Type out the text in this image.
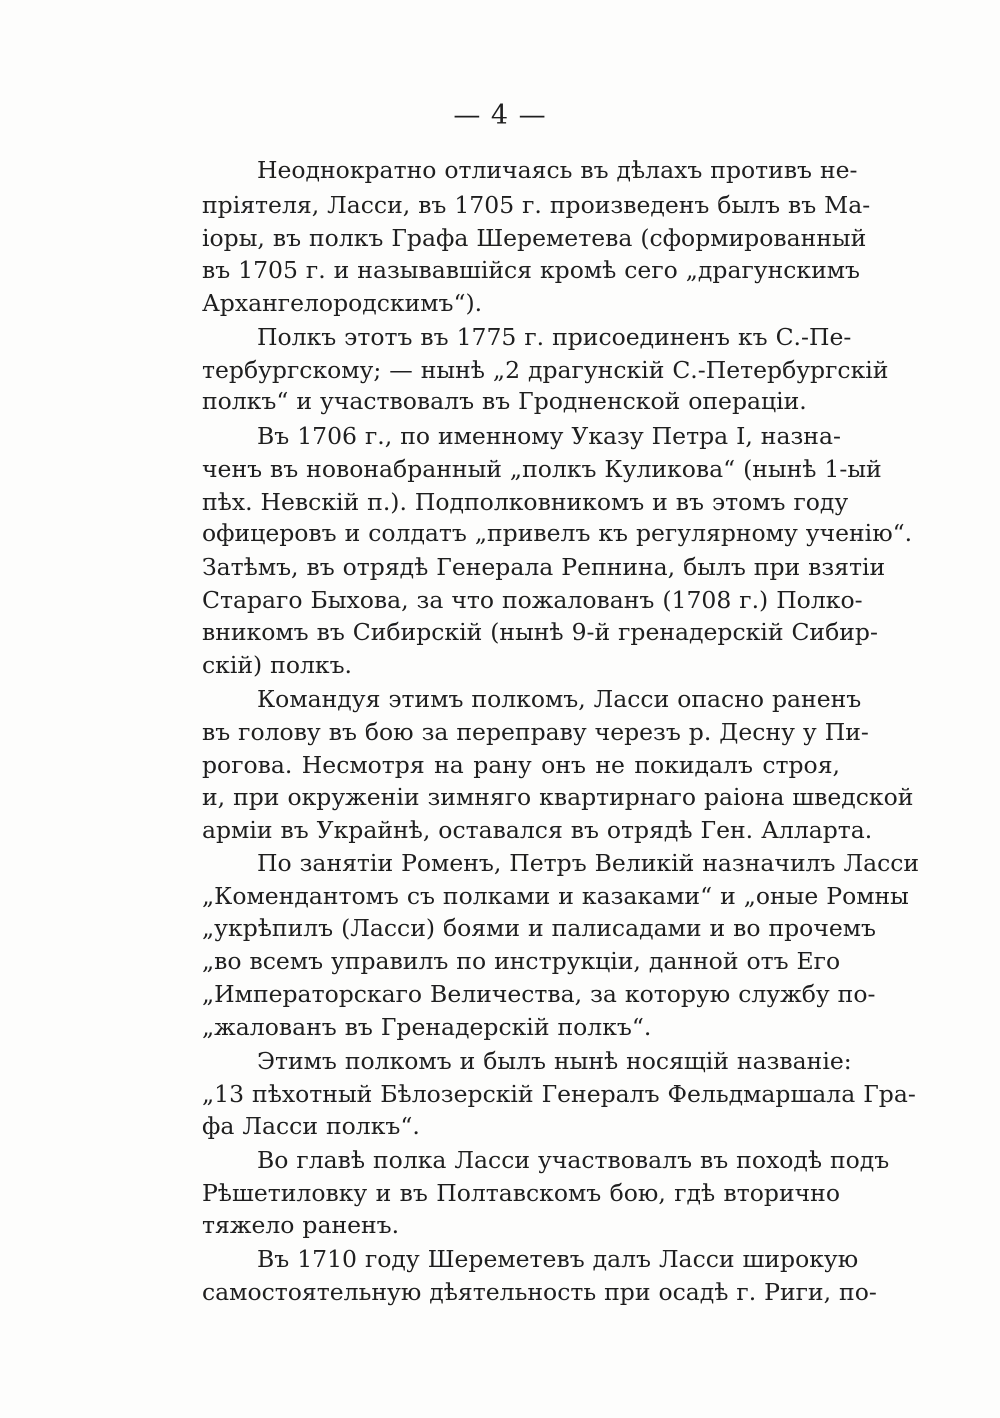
— 4 —
Неоднократно отличаясь въ дѣлахъ противъ не-
пріятеля, Ласси, въ 1705 г. произведенъ былъ въ Ма-
іоры, въ полкъ Графа Шереметева (сформированный
въ 1705 г. и называвшійся кромѣ сего „драгунскимъ
Архангелородскимъ“).
Полкъ этотъ въ 1775 г. присоединенъ къ С.-Пе-
тербургскому; — нынѣ „2 драгунскій С.-Петербургскій
полкъ“ и участвовалъ въ Гродненской операціи.
Въ 1706 г., по именному Указу Петра I, назна-
ченъ въ новонабранный „полкъ Куликова“ (нынѣ 1-ый
пѣх. Невскій п.). Подполковникомъ и въ этомъ году
офицеровъ и солдатъ „привелъ къ регулярному ученію“.
Затѣмъ, въ отрядѣ Генерала Репнина, былъ при взятіи
Стараго Быхова, за что пожалованъ (1708 г.) Полко-
вникомъ въ Сибирскій (нынѣ 9-й гренадерскій Сибир-
скій) полкъ.
Командуя этимъ полкомъ, Ласси опасно раненъ
въ голову въ бою за переправу черезъ р. Десну у Пи-
рогова. Несмотря на рану онъ не покидалъ строя,
и, при окруженіи зимняго квартирнаго раіона шведской
арміи въ Украйнѣ, оставался въ отрядѣ Ген. Алларта.
По занятіи Роменъ, Петръ Великій назначилъ Ласси
„Комендантомъ съ полками и казаками“ и „оные Ромны
„укрѣпилъ (Ласси) боями и палисадами и во прочемъ
„во всемъ управилъ по инструкціи, данной отъ Его
„Императорскаго Величества, за которую службу по-
„жалованъ въ Гренадерскій полкъ“.
Этимъ полкомъ и былъ нынѣ носящій названіе:
„13 пѣхотный Бѣлозерскій Генералъ Фельдмаршала Гра-
фа Ласси полкъ“.
Во главѣ полка Ласси участвовалъ въ походѣ подъ
Рѣшетиловку и въ Полтавскомъ бою, гдѣ вторично
тяжело раненъ.
Въ 1710 году Шереметевъ далъ Ласси широкую
самостоятельную дѣятельность при осадѣ г. Риги, по-
